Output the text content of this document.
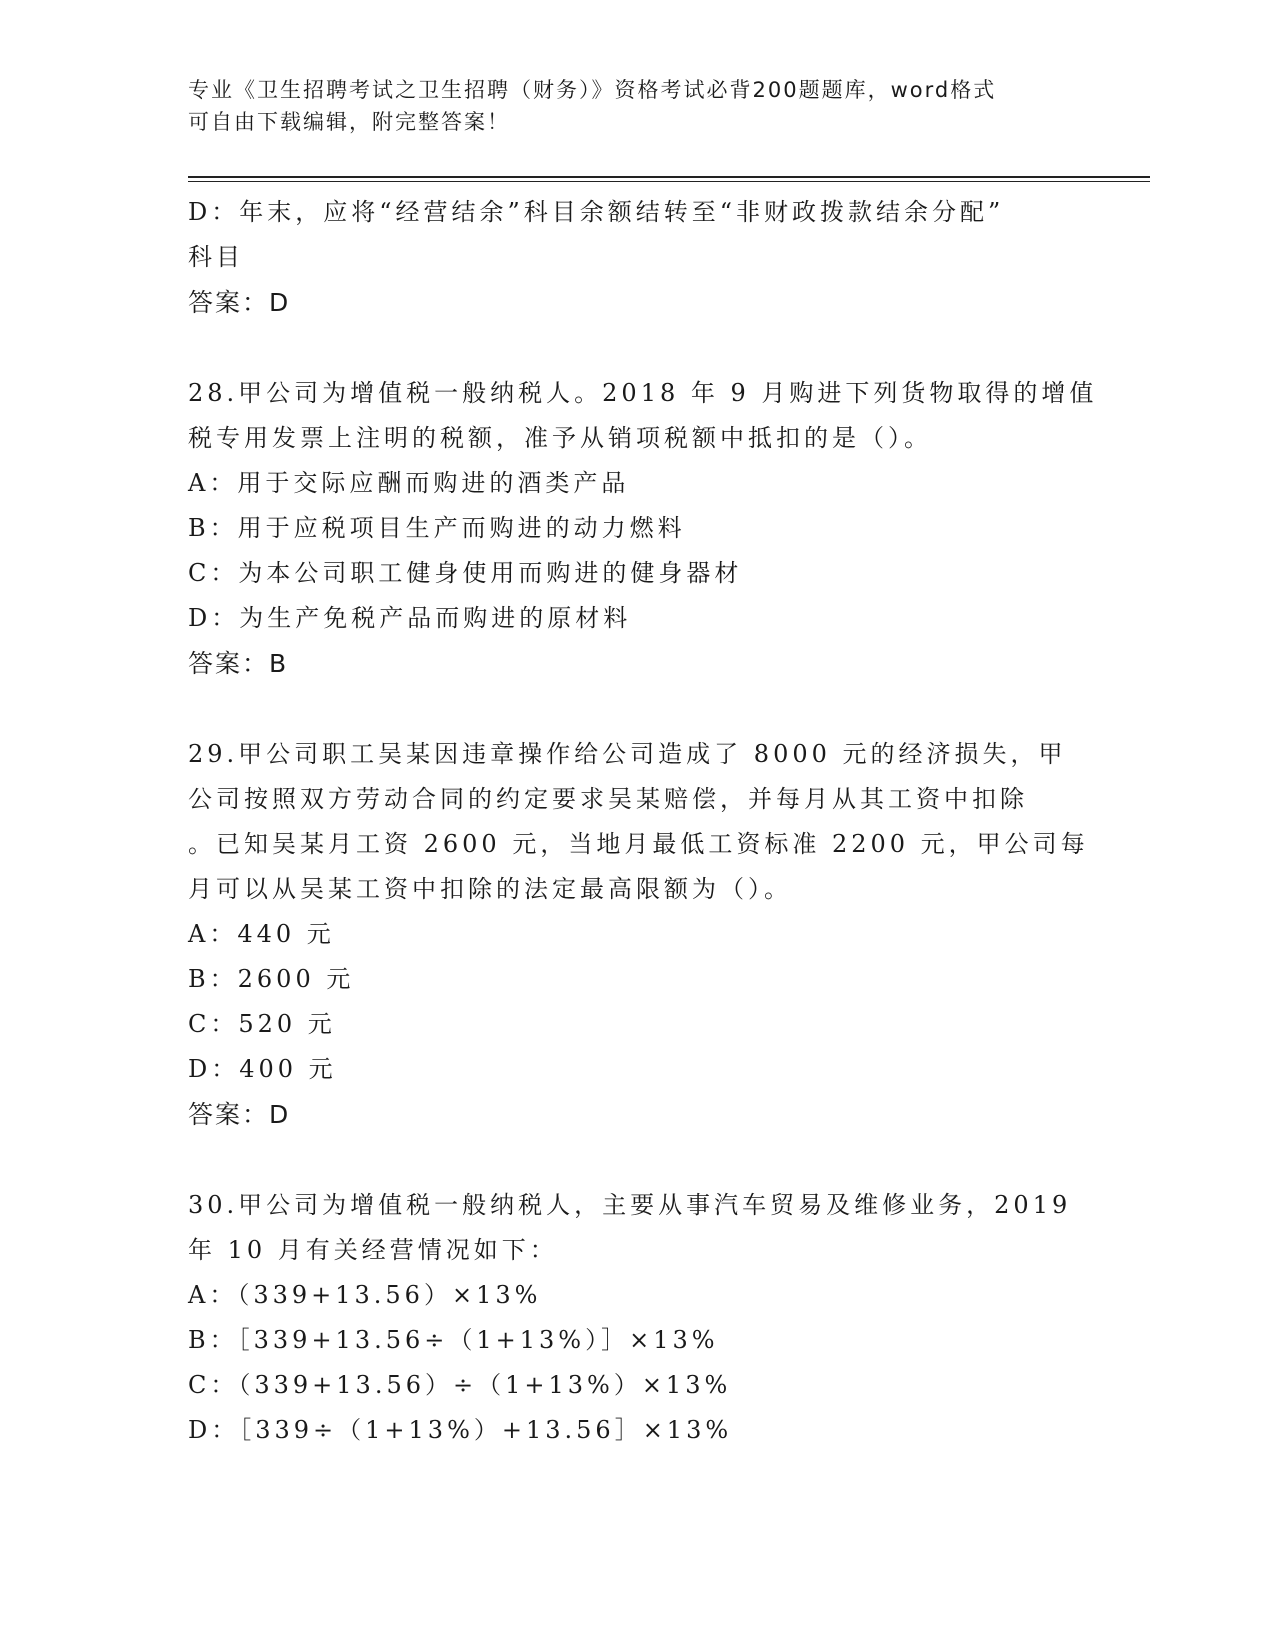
专业《卫生招聘考试之卫生招聘（财务）》资格考试必背200题题库，word格式
可自由下载编辑，附完整答案！
D：年末，应将“经营结余”科目余额结转至“非财政拨款结余分配”
科目
答案：D
28.甲公司为增值税一般纳税人。2018 年 9 月购进下列货物取得的增值
税专用发票上注明的税额，准予从销项税额中抵扣的是（）。
A：用于交际应酬而购进的酒类产品
B：用于应税项目生产而购进的动力燃料
C：为本公司职工健身使用而购进的健身器材
D：为生产免税产品而购进的原材料
答案：B
29.甲公司职工吴某因违章操作给公司造成了 8000 元的经济损失，甲
公司按照双方劳动合同的约定要求吴某赔偿，并每月从其工资中扣除
。已知吴某月工资 2600 元，当地月最低工资标准 2200 元，甲公司每
月可以从吴某工资中扣除的法定最高限额为（）。
A：440 元
B：2600 元
C：520 元
D：400 元
答案：D
30.甲公司为增值税一般纳税人，主要从事汽车贸易及维修业务，2019
年 10 月有关经营情况如下：
A：（339+13.56）×13%
B：［339+13.56÷（1+13%）］×13%
C：（339+13.56）÷（1+13%）×13%
D：［339÷（1+13%）+13.56］×13%
